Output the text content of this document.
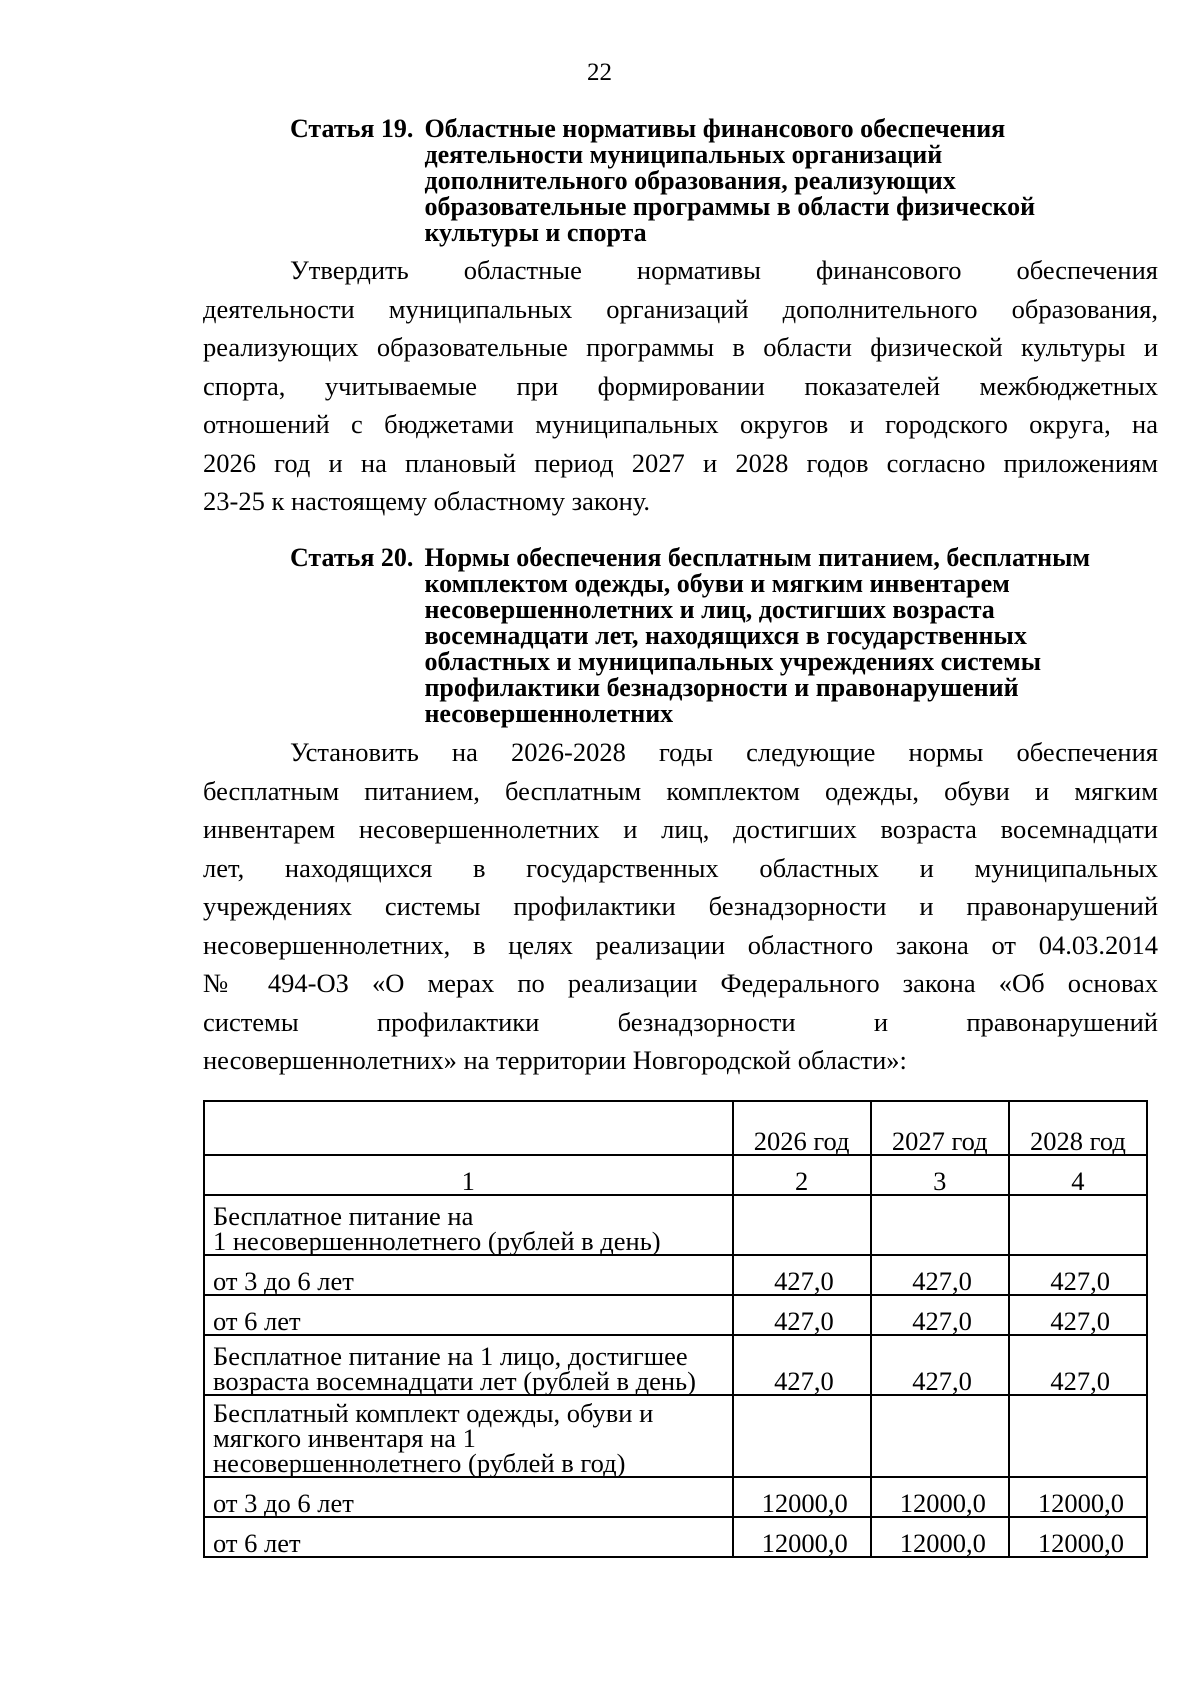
22
Статья 19. Областные нормативы финансового обеспечения
деятельности муниципальных организаций
дополнительного образования, реализующих
образовательные программы в области физической
культуры и спорта
Утвердить областные нормативы финансового обеспечения
деятельности муниципальных организаций дополнительного образования,
реализующих образовательные программы в области физической культуры и
спорта, учитываемые при формировании показателей межбюджетных
отношений с бюджетами муниципальных округов и городского округа, на
2026 год и на плановый период 2027 и 2028 годов согласно приложениям
23-25 к настоящему областному закону.
Статья 20. Нормы обеспечения бесплатным питанием, бесплатным
комплектом одежды, обуви и мягким инвентарем
несовершеннолетних и лиц, достигших возраста
восемнадцати лет, находящихся в государственных
областных и муниципальных учреждениях системы
профилактики безнадзорности и правонарушений
несовершеннолетних
Установить на 2026-2028 годы следующие нормы обеспечения
бесплатным питанием, бесплатным комплектом одежды, обуви и мягким
инвентарем несовершеннолетних и лиц, достигших возраста восемнадцати
лет, находящихся в государственных областных и муниципальных
учреждениях системы профилактики безнадзорности и правонарушений
несовершеннолетних, в целях реализации областного закона от 04.03.2014
№ 494-ОЗ «О мерах по реализации Федерального закона «Об основах
системы профилактики безнадзорности и правонарушений
несовершеннолетних» на территории Новгородской области»:
	2026 год	2027 год	2028 год
1	2	3	4

Бесплатное питание на
1 несовершеннолетнего (рублей в день)			

от 3 до 6 лет	427,0	427,0	427,0
от 6 лет	427,0	427,0	427,0

Бесплатное питание на 1 лицо, достигшее
возраста восемнадцати лет (рублей в день)	427,0	427,0	427,0

Бесплатный комплект одежды, обуви и
мягкого инвентаря на 1
несовершеннолетнего (рублей в год)			

от 3 до 6 лет	12000,0	12000,0	12000,0
от 6 лет	12000,0	12000,0	12000,0
